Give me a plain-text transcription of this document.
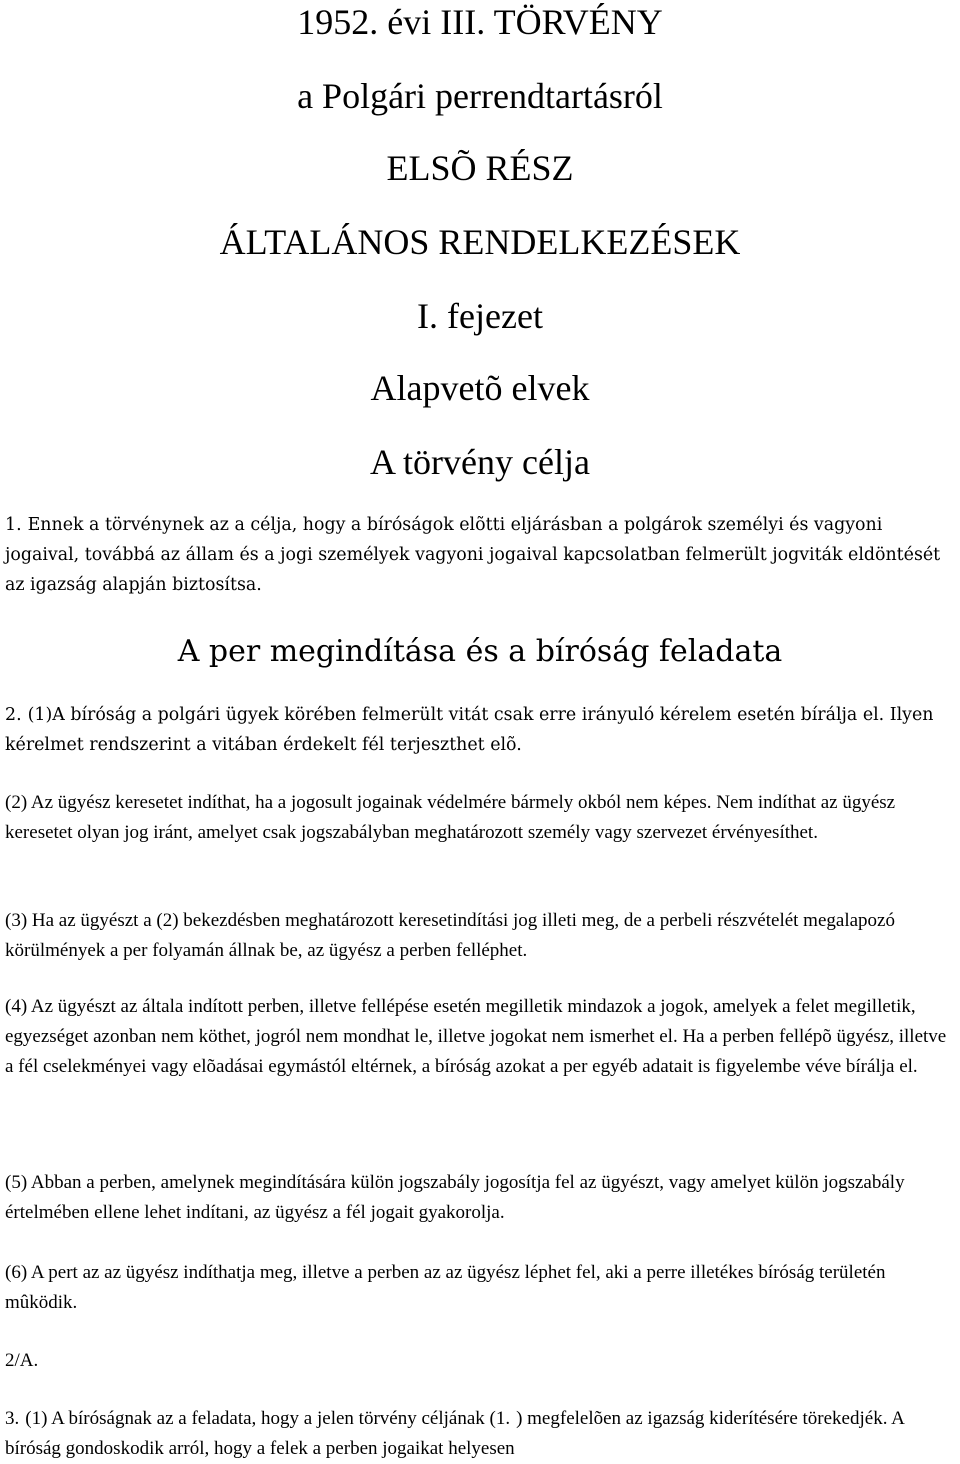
1952. évi III. TÖRVÉNY
a Polgári perrendtartásról
ELSÕ RÉSZ
ÁLTALÁNOS RENDELKEZÉSEK
I. fejezet
Alapvetõ elvek
A törvény célja

1. Ennek a törvénynek az a célja, hogy a bíróságok elõtti eljárásban a polgárok személyi és vagyoni jogaival, továbbá az állam és a jogi személyek vagyoni jogaival kapcsolatban felmerült jogviták eldöntését az igazság alapján biztosítsa.

A per megindítása és a bíróság feladata

2. (1)A bíróság a polgári ügyek körében felmerült vitát csak erre irányuló kérelem esetén bírálja el. Ilyen kérelmet rendszerint a vitában érdekelt fél terjeszthet elõ.

(2) Az ügyész keresetet indíthat, ha a jogosult jogainak védelmére bármely okból nem képes. Nem indíthat az ügyész keresetet olyan jog iránt, amelyet csak jogszabályban meghatározott személy vagy szervezet érvényesíthet.

(3) Ha az ügyészt a (2) bekezdésben meghatározott keresetindítási jog illeti meg, de a perbeli részvételét megalapozó körülmények a per folyamán állnak be, az ügyész a perben felléphet.

(4) Az ügyészt az általa indított perben, illetve fellépése esetén megilletik mindazok a jogok, amelyek a felet megilletik, egyezséget azonban nem köthet, jogról nem mondhat le, illetve jogokat nem ismerhet el. Ha a perben fellépõ ügyész, illetve a fél cselekményei vagy elõadásai egymástól eltérnek, a bíróság azokat a per egyéb adatait is figyelembe véve bírálja el.

(5) Abban a perben, amelynek megindítására külön jogszabály jogosítja fel az ügyészt, vagy amelyet külön jogszabály értelmében ellene lehet indítani, az ügyész a fél jogait gyakorolja.

(6) A pert az az ügyész indíthatja meg, illetve a perben az az ügyész léphet fel, aki a perre illetékes bíróság területén mûködik.

2/A.

3. (1) A bíróságnak az a feladata, hogy a jelen törvény céljának (1. ) megfelelõen az igazság kiderítésére törekedjék. A bíróság gondoskodik arról, hogy a felek a perben jogaikat helyesen
